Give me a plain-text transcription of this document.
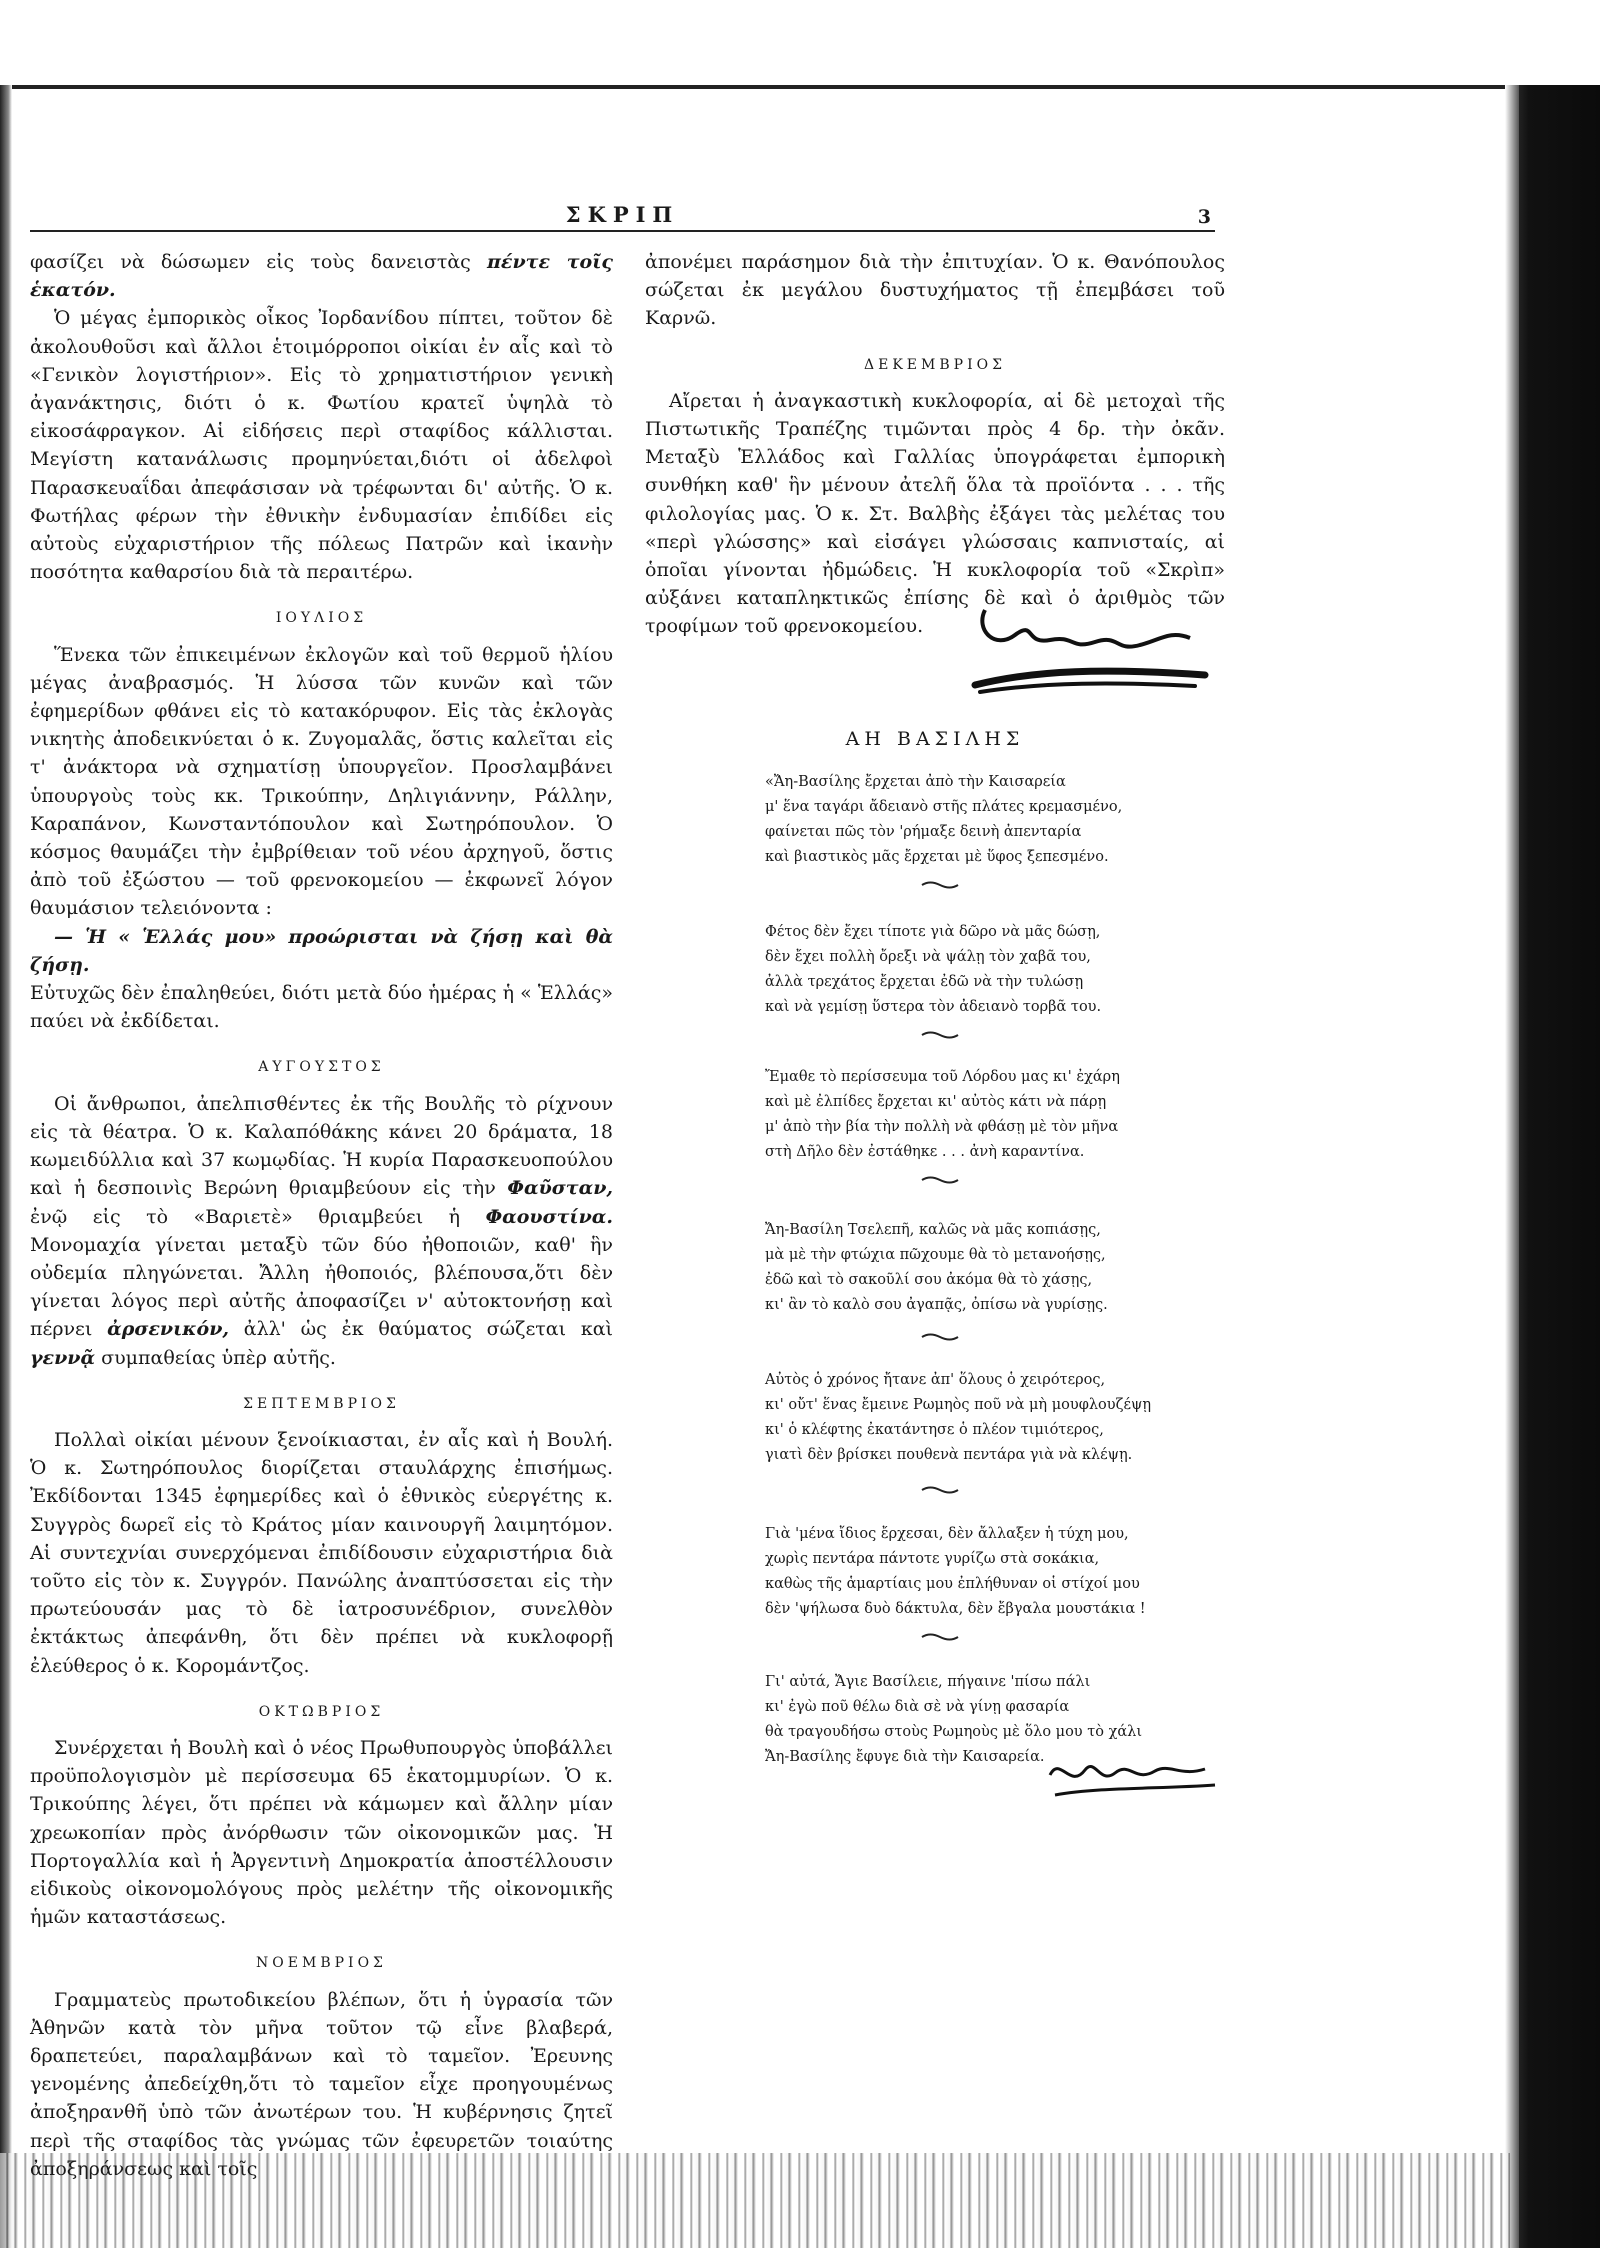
ΣΚΡΙΠ	3

φασίζει νὰ δώσωμεν εἰς τοὺς δανειστὰς πέντε τοῖς ἑκατόν.

Ὁ μέγας ἐμπορικὸς οἶκος Ἰορδανίδου πίπτει, τοῦτον δὲ ἀκολουθοῦσι καὶ ἄλλοι ἑτοιμόρροποι οἰκίαι ἐν αἷς καὶ τὸ «Γενικὸν λογιστήριον». Εἰς τὸ χρηματιστήριον γενικὴ ἀγανάκτησις, διότι ὁ κ. Φωτίου κρατεῖ ὑψηλὰ τὸ εἰκοσάφραγκον. Αἱ εἰδήσεις περὶ σταφίδος κάλλισται. Μεγίστη κατανάλωσις προμηνύεται,διότι οἱ ἀδελφοὶ Παρασκευαΐδαι ἀπεφάσισαν νὰ τρέφωνται δι' αὐτῆς. Ὁ κ. Φωτήλας φέρων τὴν ἐθνικὴν ἐνδυμασίαν ἐπιδίδει εἰς αὐτοὺς εὐχαριστήριον τῆς πόλεως Πατρῶν καὶ ἱκανὴν ποσότητα καθαρσίου διὰ τὰ περαιτέρω.

ΙΟΥΛΙΟΣ

Ἕνεκα τῶν ἐπικειμένων ἐκλογῶν καὶ τοῦ θερμοῦ ἡλίου μέγας ἀναβρασμός. Ἡ λύσσα τῶν κυνῶν καὶ τῶν ἐφημερίδων φθάνει εἰς τὸ κατακόρυφον. Εἰς τὰς ἐκλογὰς νικητὴς ἀποδεικνύεται ὁ κ. Ζυγομαλᾶς, ὅστις καλεῖται εἰς τ' ἀνάκτορα νὰ σχηματίσῃ ὑπουργεῖον. Προσλαμβάνει ὑπουργοὺς τοὺς κκ. Τρικούπην, Δηλιγιάννην, Ράλλην, Καραπάνον, Κωνσταντόπουλον καὶ Σωτηρόπουλον. Ὁ κόσμος θαυμάζει τὴν ἐμβρίθειαν τοῦ νέου ἀρχηγοῦ, ὅστις ἀπὸ τοῦ ἐξώστου — τοῦ φρενοκομείου — ἐκφωνεῖ λόγον θαυμάσιον τελειόνοντα :

— Ἡ « Ἑλλάς μου» προώρισται νὰ ζήσῃ καὶ θὰ ζήσῃ.

Εὐτυχῶς δὲν ἐπαληθεύει, διότι μετὰ δύο ἡμέρας ἡ « Ἑλλάς» παύει νὰ ἐκδίδεται.

ΑΥΓΟΥΣΤΟΣ

Οἱ ἄνθρωποι, ἀπελπισθέντες ἐκ τῆς Βουλῆς τὸ ρίχνουν εἰς τὰ θέατρα. Ὁ κ. Καλαπόθάκης κάνει 20 δράματα, 18 κωμειδύλλια καὶ 37 κωμῳδίας. Ἡ κυρία Παρασκευοπούλου καὶ ἡ δεσποινὶς Βερώνη θριαμβεύουν εἰς τὴν Φαῦσταν, ἐνῷ εἰς τὸ «Βαριετὲ» θριαμβεύει ἡ Φαουστίνα. Μονομαχία γίνεται μεταξὺ τῶν δύο ἠθοποιῶν, καθ' ἣν οὐδεμία πληγώνεται. Ἄλλη ἠθοποιός, βλέπουσα,ὅτι δὲν γίνεται λόγος περὶ αὐτῆς ἀποφασίζει ν' αὐτοκτονήσῃ καὶ πέρνει ἀρσενικόν, ἀλλ' ὡς ἐκ θαύματος σώζεται καὶ γεννᾷ συμπαθείας ὑπὲρ αὐτῆς.

ΣΕΠΤΕΜΒΡΙΟΣ

Πολλαὶ οἰκίαι μένουν ξενοίκιασται, ἐν αἷς καὶ ἡ Βουλή. Ὁ κ. Σωτηρόπουλος διορίζεται σταυλάρχης ἐπισήμως. Ἐκδίδονται 1345 ἐφημερίδες καὶ ὁ ἐθνικὸς εὐεργέτης κ. Συγγρὸς δωρεῖ εἰς τὸ Κράτος μίαν καινουργῆ λαιμητόμον. Αἱ συντεχνίαι συνερχόμεναι ἐπιδίδουσιν εὐχαριστήρια διὰ τοῦτο εἰς τὸν κ. Συγγρόν. Πανώλης ἀναπτύσσεται εἰς τὴν πρωτεύουσάν μας τὸ δὲ ἰατροσυνέδριον, συνελθὸν ἐκτάκτως ἀπεφάνθη, ὅτι δὲν πρέπει νὰ κυκλοφορῇ ἐλεύθερος ὁ κ. Κορομάντζος.

ΟΚΤΩΒΡΙΟΣ

Συνέρχεται ἡ Βουλὴ καὶ ὁ νέος Πρωθυπουργὸς ὑποβάλλει προϋπολογισμὸν μὲ περίσσευμα 65 ἑκατομμυρίων. Ὁ κ. Τρικούπης λέγει, ὅτι πρέπει νὰ κάμωμεν καὶ ἄλλην μίαν χρεωκοπίαν πρὸς ἀνόρθωσιν τῶν οἰκονομικῶν μας. Ἡ Πορτογαλλία καὶ ἡ Ἀργεντινὴ Δημοκρατία ἀποστέλλουσιν εἰδικοὺς οἰκονομολόγους πρὸς μελέτην τῆς οἰκονομικῆς ἡμῶν καταστάσεως.

ΝΟΕΜΒΡΙΟΣ

Γραμματεὺς πρωτοδικείου βλέπων, ὅτι ἡ ὑγρασία τῶν Ἀθηνῶν κατὰ τὸν μῆνα τοῦτον τῷ εἶνε βλαβερά, δραπετεύει, παραλαμβάνων καὶ τὸ ταμεῖον. Ἐρευνης γενομένης ἀπεδείχθη,ὅτι τὸ ταμεῖον εἶχε προηγουμένως ἀποξηρανθῆ ὑπὸ τῶν ἀνωτέρων του. Ἡ κυβέρνησις ζητεῖ περὶ τῆς σταφίδος τὰς γνώμας τῶν ἐφευρετῶν τοιαύτης ἀποξηράνσεως καὶ τοῖς

ἀπονέμει παράσημον διὰ τὴν ἐπιτυχίαν. Ὁ κ. Θανόπουλος σώζεται ἐκ μεγάλου δυστυχήματος τῇ ἐπεμβάσει τοῦ Καρνῶ.

ΔΕΚΕΜΒΡΙΟΣ

Αἴρεται ἡ ἀναγκαστικὴ κυκλοφορία, αἱ δὲ μετοχαὶ τῆς Πιστωτικῆς Τραπέζης τιμῶνται πρὸς 4 δρ. τὴν ὀκᾶν. Μεταξὺ Ἑλλάδος καὶ Γαλλίας ὑπογράφεται ἐμπορικὴ συνθήκη καθ' ἣν μένουν ἀτελῆ ὅλα τὰ προϊόντα . . . τῆς φιλολογίας μας. Ὁ κ. Στ. Βαλβὴς ἐξάγει τὰς μελέτας του «περὶ γλώσσης» καὶ εἰσάγει γλώσσαις καπνισταίς, αἱ ὁποῖαι γίνονται ἠδμώδεις. Ἡ κυκλοφορία τοῦ «Σκρὶπ» αὐξάνει καταπληκτικῶς ἐπίσης δὲ καὶ ὁ ἀριθμὸς τῶν τροφίμων τοῦ φρενοκομείου.

ΑΗ ΒΑΣΙΛΗΣ
«Ἄη-Βασίλης ἔρχεται ἀπὸ τὴν Καισαρεία
μ' ἕνα ταγάρι ἄδειανὸ στῆς πλάτες κρεμασμένο,
φαίνεται πῶς τὸν 'ρήμαξε δεινὴ ἀπενταρία
καὶ βιαστικὸς μᾶς ἔρχεται μὲ ὕφος ξεπεσμένο.
Φέτος δὲν ἔχει τίποτε γιὰ δῶρο νὰ μᾶς δώσῃ,
δὲν ἔχει πολλὴ ὄρεξι νὰ ψάλῃ τὸν χαβᾶ του,
ἀλλὰ τρεχάτος ἔρχεται ἐδῶ νὰ τὴν τυλώσῃ
καὶ νὰ γεμίσῃ ὕστερα τὸν ἀδειανὸ τορβᾶ του.
Ἔμαθε τὸ περίσσευμα τοῦ Λόρδου μας κι' ἐχάρη
καὶ μὲ ἐλπίδες ἔρχεται κι' αὐτὸς κάτι νὰ πάρῃ
μ' ἀπὸ τὴν βία τὴν πολλὴ νὰ φθάσῃ μὲ τὸν μῆνα
στὴ Δῆλο δὲν ἐστάθηκε . . . ἀνὴ καραντίνα.
Ἄη-Βασίλη Τσελεπῆ, καλῶς νὰ μᾶς κοπιάσῃς,
μὰ μὲ τὴν φτώχια πῶχουμε θὰ τὸ μετανοήσῃς,
ἐδῶ καὶ τὸ σακοῦλί σου ἀκόμα θὰ τὸ χάσῃς,
κι' ἂν τὸ καλὸ σου ἀγαπᾷς, ὀπίσω νὰ γυρίσῃς.
Αὐτὸς ὁ χρόνος ἤτανε ἀπ' ὅλους ὁ χειρότερος,
κι' οὔτ' ἕνας ἔμεινε Ρωμηὸς ποῦ νὰ μὴ μουφλουζέψῃ
κι' ὁ κλέφτης ἐκατάντησε ὁ πλέον τιμιότερος,
γιατὶ δὲν βρίσκει πουθενὰ πεντάρα γιὰ νὰ κλέψῃ.
Γιὰ 'μένα ἴδιος ἔρχεσαι, δὲν ἄλλαξεν ἡ τύχη μου,
χωρὶς πεντάρα πάντοτε γυρίζω στὰ σοκάκια,
καθὼς τῆς ἁμαρτίαις μου ἐπλήθυναν οἱ στίχοί μου
δὲν 'ψήλωσα δυὸ δάκτυλα, δὲν ἔβγαλα μουστάκια !
Γι' αὐτά, Ἄγιε Βασίλειε, πήγαινε 'πίσω πάλι
κι' ἐγὼ ποῦ θέλω διὰ σὲ νὰ γίνῃ φασαρία
θὰ τραγουδήσω στοὺς Ρωμηοὺς μὲ ὅλο μου τὸ χάλι
Ἄη-Βασίλης ἔφυγε διὰ τὴν Καισαρεία.
